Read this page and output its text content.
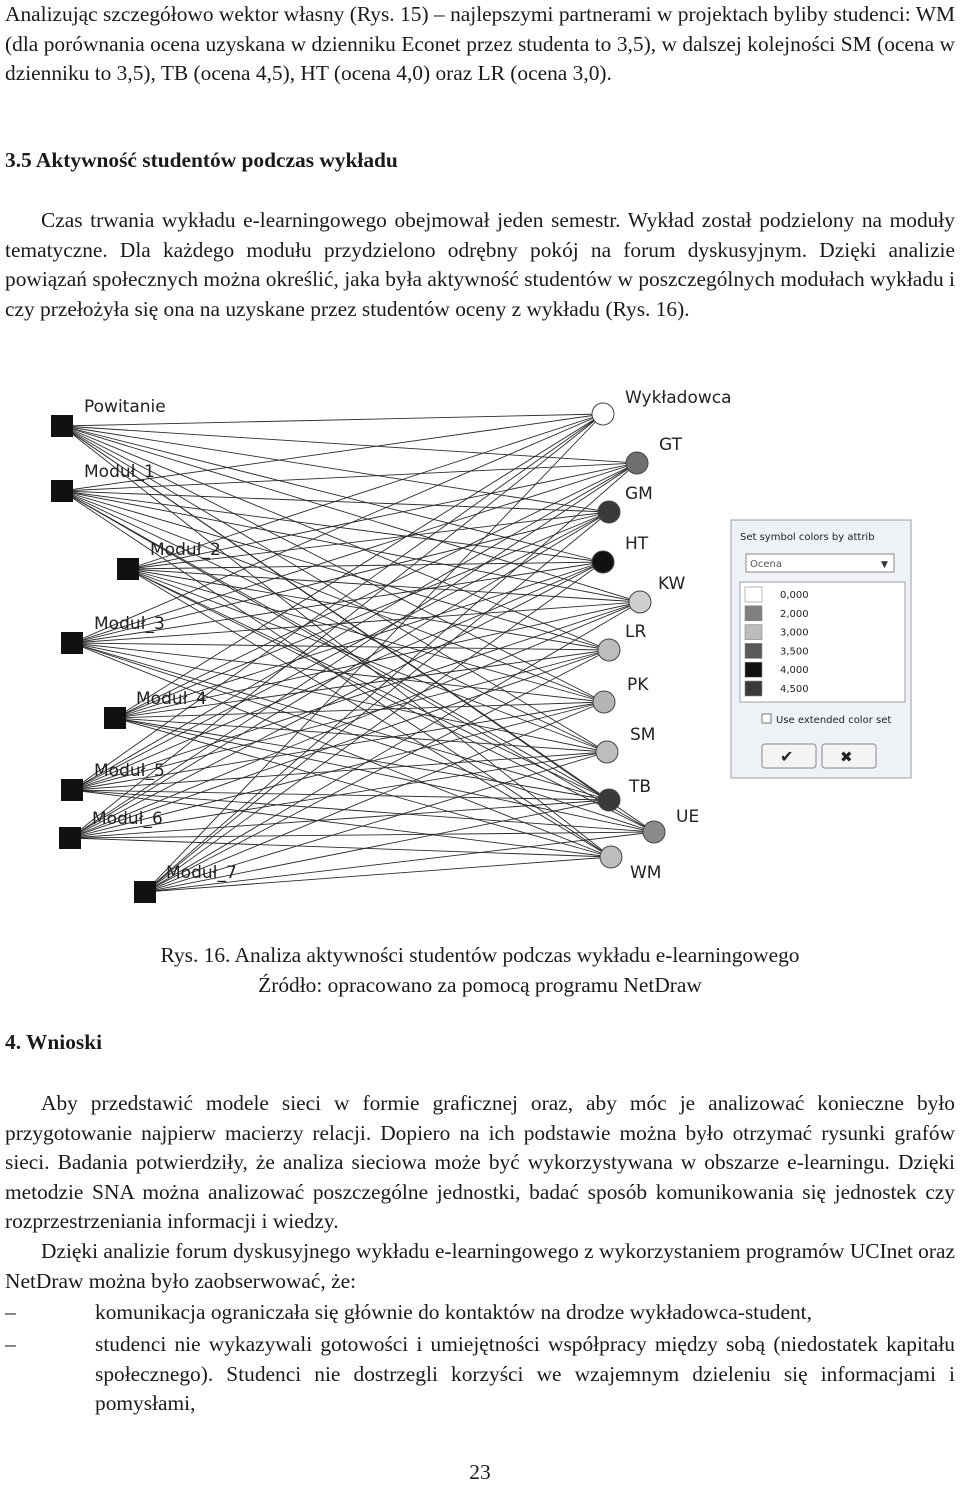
Analizując szczegółowo wektor własny (Rys. 15) – najlepszymi partnerami w projektach byliby studenci: WM (dla porównania ocena uzyskana w dzienniku Econet przez studenta to 3,5), w dalszej kolejności SM (ocena w dzienniku to 3,5), TB (ocena 4,5), HT (ocena 4,0) oraz LR (ocena 3,0).

3.5 Aktywność studentów podczas wykładu

Czas trwania wykładu e-learningowego obejmował jeden semestr. Wykład został podzielony na moduły tematyczne. Dla każdego modułu przydzielono odrębny pokój na forum dyskusyjnym. Dzięki analizie powiązań społecznych można określić, jaka była aktywność studentów w poszczególnych modułach wykładu i czy przełożyła się ona na uzyskane przez studentów oceny z wykładu (Rys. 16).

Powitanie
Moduł_1
Moduł_2
Moduł_3
Moduł_4
Moduł_5
Moduł_6
Moduł_7
Wykładowca
GT
GM
HT
KW
LR
PK
SM
TB
UE
WM
Set symbol colors by attrib
Ocena	▼
0,000
2,000
3,000
3,500
4,000
4,500
Use extended color set
✔	✖

Rys. 16. Analiza aktywności studentów podczas wykładu e-learningowego

Źródło: opracowano za pomocą programu NetDraw

4. Wnioski

Aby przedstawić modele sieci w formie graficznej oraz, aby móc je analizować konieczne było przygotowanie najpierw macierzy relacji. Dopiero na ich podstawie można było otrzymać rysunki grafów sieci. Badania potwierdziły, że analiza sieciowa może być wykorzystywana w obszarze e-learningu. Dzięki metodzie SNA można analizować poszczególne jednostki, badać sposób komunikowania się jednostek czy rozprzestrzeniania informacji i wiedzy.

Dzięki analizie forum dyskusyjnego wykładu e-learningowego z wykorzystaniem programów UCInet oraz NetDraw można było zaobserwować, że:

–	komunikacja ograniczała się głównie do kontaktów na drodze wykładowca-student,
–	studenci nie wykazywali gotowości i umiejętności współpracy między sobą (niedostatek kapitału społecznego). Studenci nie dostrzegli korzyści we wzajemnym dzieleniu się informacjami i pomysłami,
23
